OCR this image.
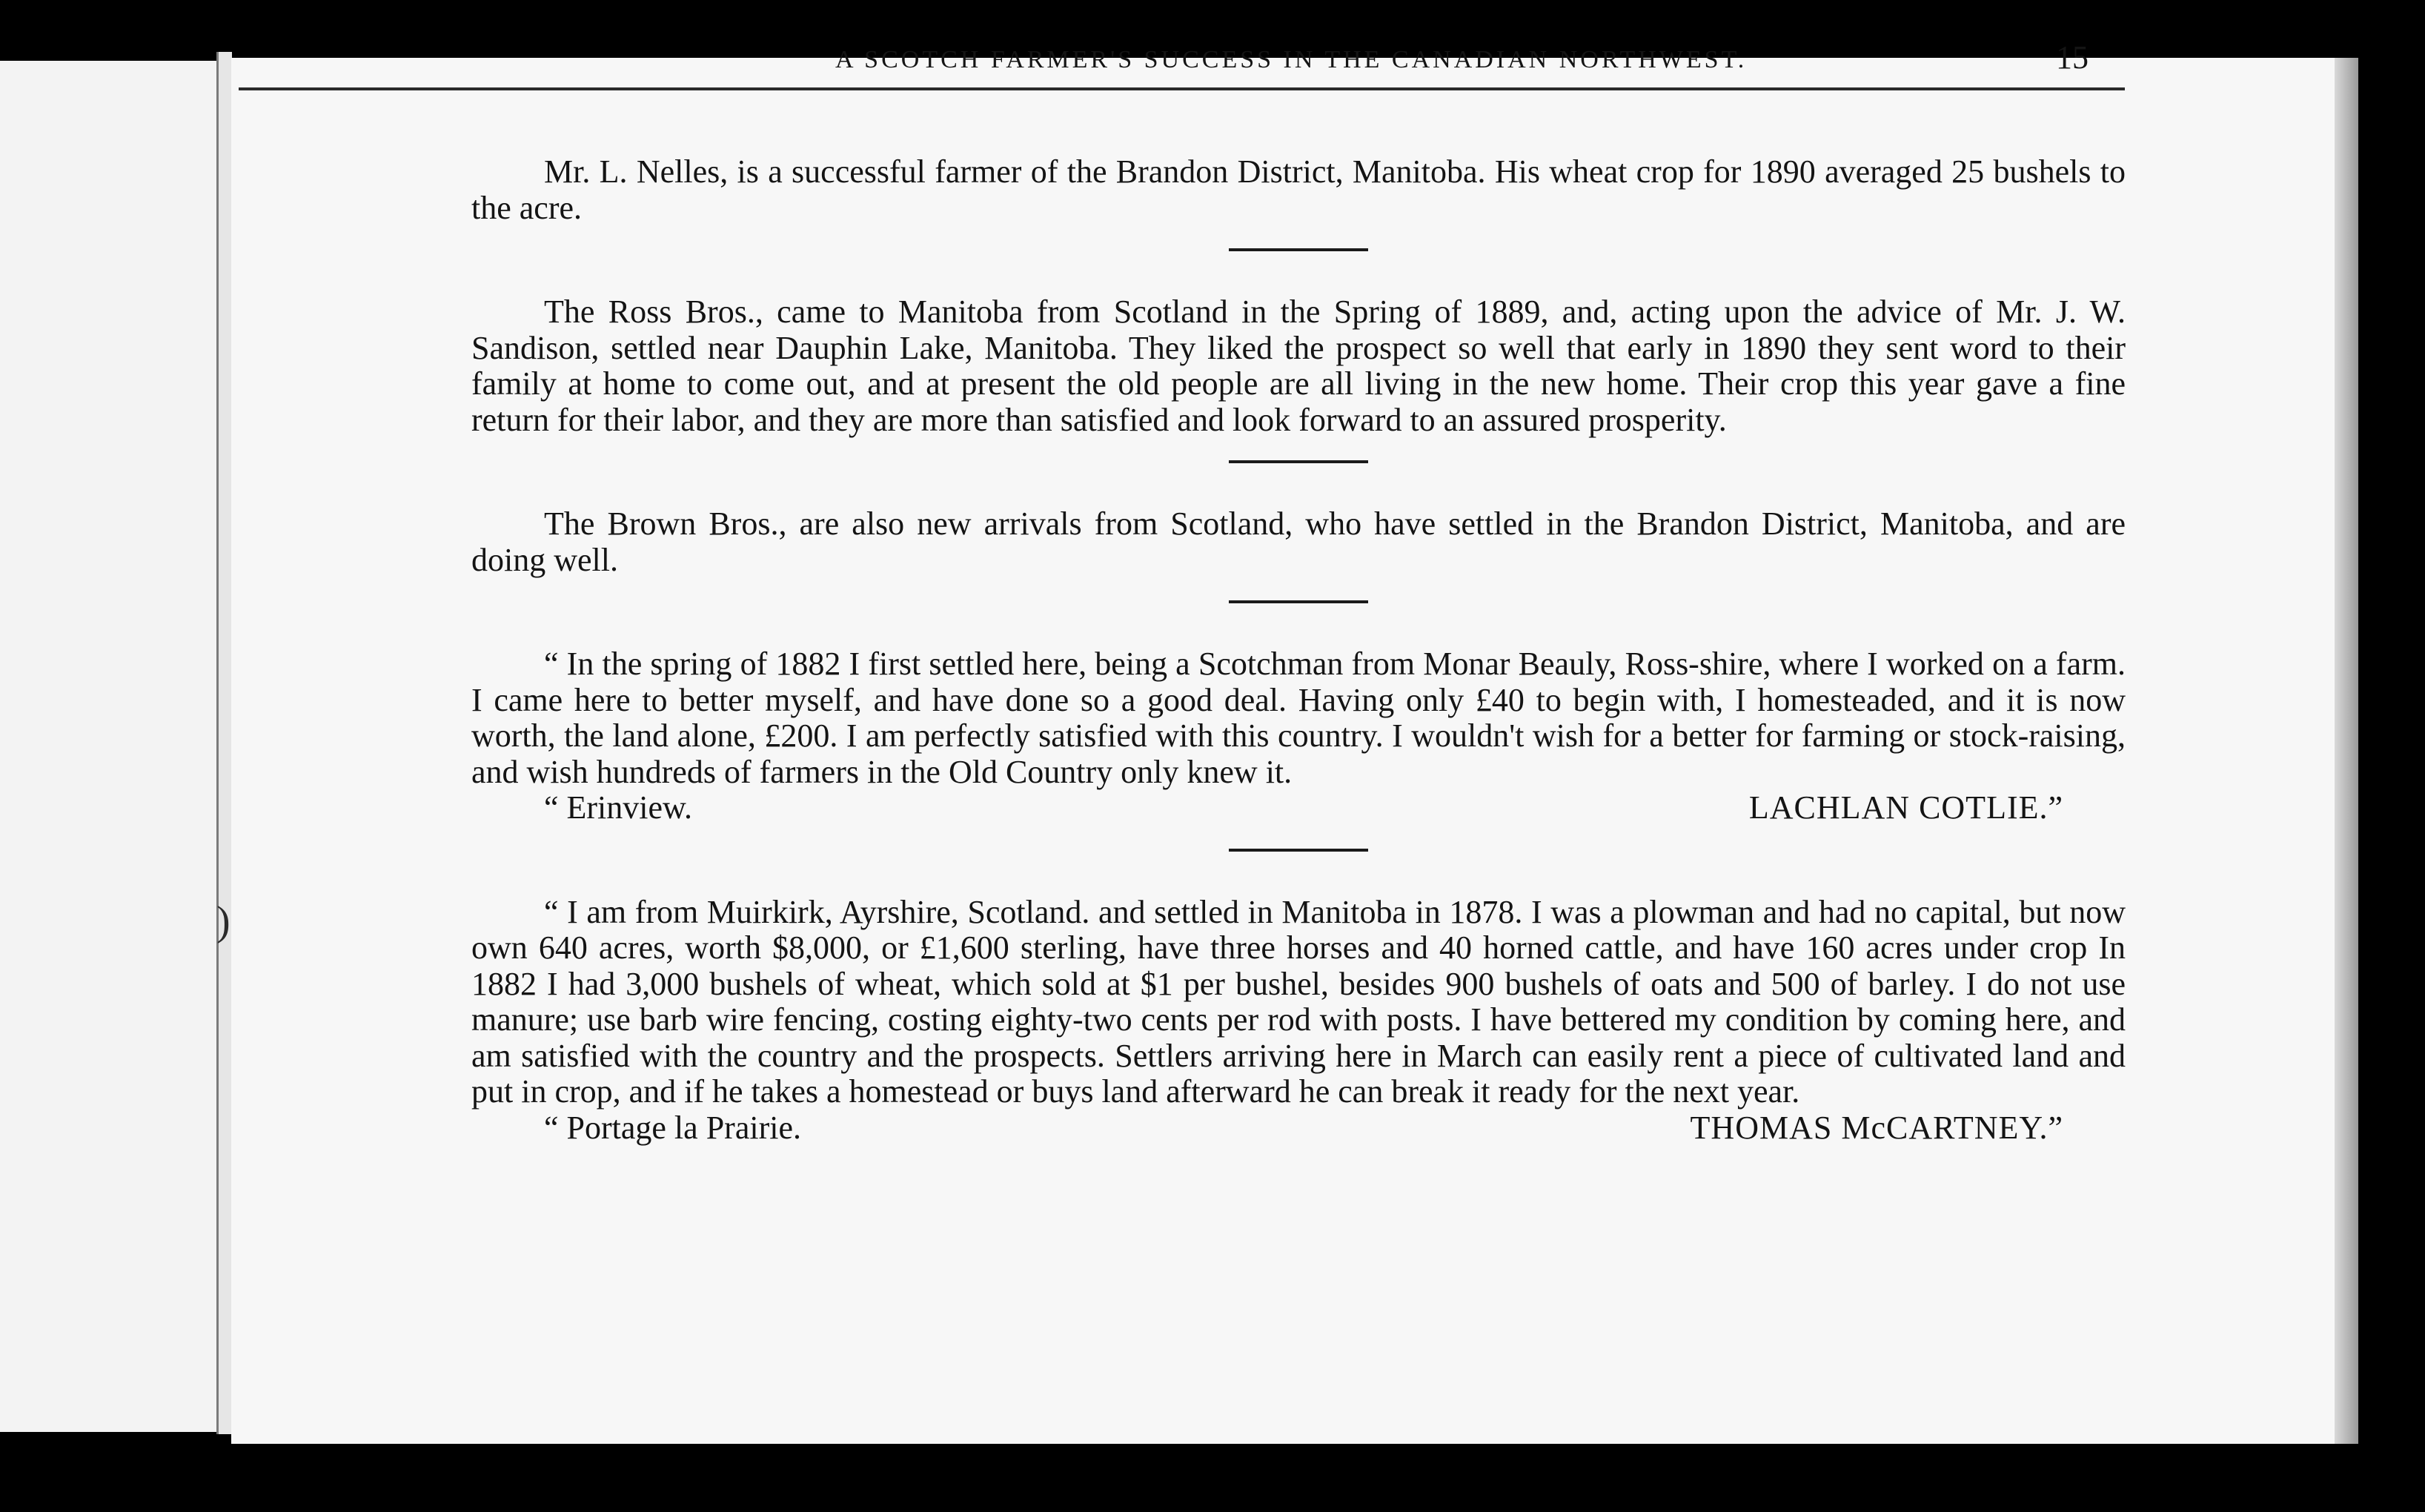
)
A SCOTCH FARMER'S SUCCESS IN THE CANADIAN NORTHWEST.	15

Mr. L. Nelles, is a successful farmer of the Brandon District, Manitoba. His wheat crop for 1890 averaged 25 bushels to the acre.

The Ross Bros., came to Manitoba from Scotland in the Spring of 1889, and, acting upon the advice of Mr. J. W. Sandison, settled near Dauphin Lake, Manitoba. They liked the prospect so well that early in 1890 they sent word to their family at home to come out, and at present the old people are all living in the new home. Their crop this year gave a fine return for their labor, and they are more than satisfied and look forward to an assured prosperity.

The Brown Bros., are also new arrivals from Scotland, who have settled in the Brandon District, Manitoba, and are doing well.

“ In the spring of 1882 I first settled here, being a Scotchman from Monar Beauly, Ross-shire, where I worked on a farm. I came here to better myself, and have done so a good deal. Having only £40 to begin with, I homesteaded, and it is now worth, the land alone, £200. I am perfectly satisfied with this country. I wouldn't wish for a better for farming or stock-raising, and wish hundreds of farmers in the Old Country only knew it.

“ Erinview.	LACHLAN COTLIE.”

“ I am from Muirkirk, Ayrshire, Scotland. and settled in Manitoba in 1878. I was a plowman and had no capital, but now own 640 acres, worth $8,000, or £1,600 sterling, have three horses and 40 horned cattle, and have 160 acres under crop In 1882 I had 3,000 bushels of wheat, which sold at $1 per bushel, besides 900 bushels of oats and 500 of barley. I do not use manure; use barb wire fencing, costing eighty-two cents per rod with posts. I have bettered my condition by coming here, and am satisfied with the country and the prospects. Settlers arriving here in March can easily rent a piece of cultivated land and put in crop, and if he takes a homestead or buys land afterward he can break it ready for the next year.

“ Portage la Prairie.	THOMAS McCARTNEY.”
